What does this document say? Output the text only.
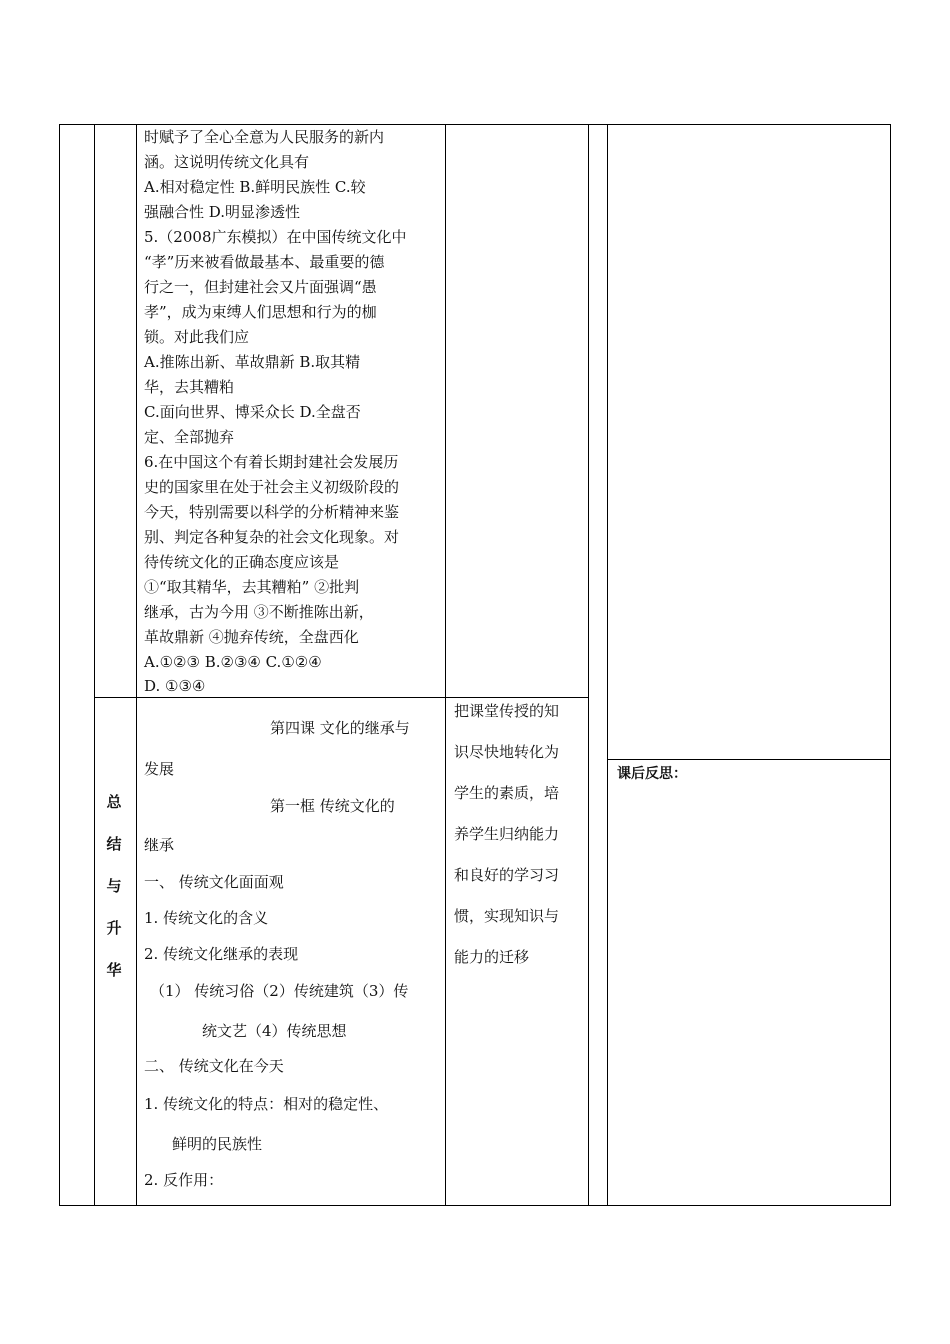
时赋予了全心全意为人民服务的新内
涵。这说明传统文化具有
A.相对稳定性 B.鲜明民族性 C.较
强融合性 D.明显渗透性
5.（2008广东模拟）在中国传统文化中
“孝”历来被看做最基本、最重要的德
行之一，但封建社会又片面强调“愚
孝”，成为束缚人们思想和行为的枷
锁。对此我们应
A.推陈出新、革故鼎新 B.取其精
华，去其糟粕
C.面向世界、博采众长 D.全盘否
定、全部抛弃
6.在中国这个有着长期封建社会发展历
史的国家里在处于社会主义初级阶段的
今天，特别需要以科学的分析精神来鉴
别、判定各种复杂的社会文化现象。对
待传统文化的正确态度应该是
①“取其精华，去其糟粕” ②批判
继承，古为今用 ③不断推陈出新，
革故鼎新 ④抛弃传统，全盘西化
A.①②③ B.②③④ C.①②④
D. ①③④
总
结
与
升
华
第四课 文化的继承与
发展
第一框 传统文化的
继承
一、 传统文化面面观
1. 传统文化的含义
2. 传统文化继承的表现
（1） 传统习俗（2）传统建筑（3）传
统文艺（4）传统思想
二、 传统文化在今天
1. 传统文化的特点：相对的稳定性、
鲜明的民族性
2. 反作用：
把课堂传授的知
识尽快地转化为
学生的素质，培
养学生归纳能力
和良好的学习习
惯，实现知识与
能力的迁移
课后反思：
